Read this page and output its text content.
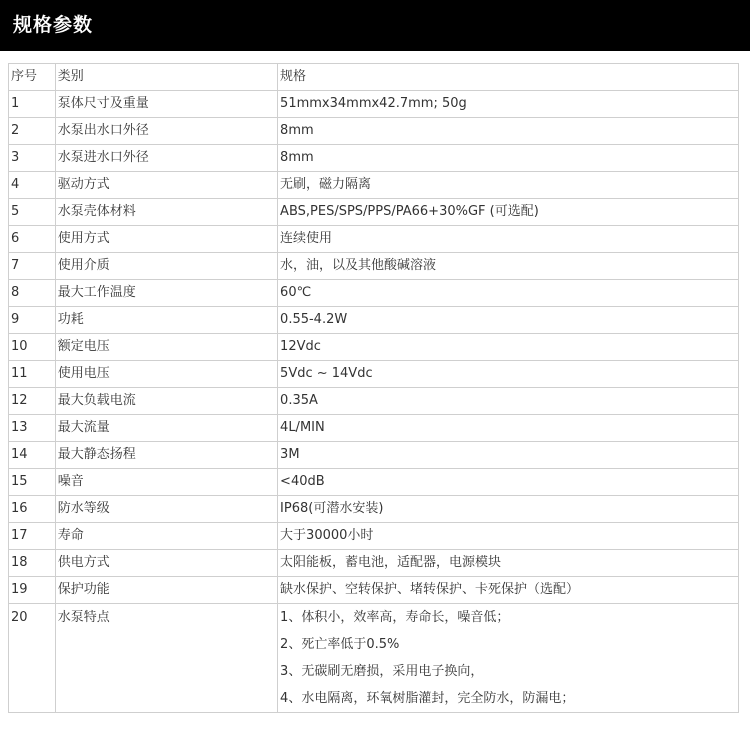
规格参数
序号	类别	规格
1	泵体尺寸及重量	51mmx34mmx42.7mm; 50g
2	水泵出水口外径	8mm
3	水泵进水口外径	8mm
4	驱动方式	无刷，磁力隔离
5	水泵壳体材料	ABS,PES/SPS/PPS/PA66+30%GF (可选配)
6	使用方式	连续使用
7	使用介质	水，油，以及其他酸碱溶液
8	最大工作温度	60℃
9	功耗	0.55-4.2W
10	额定电压	12Vdc
11	使用电压	5Vdc ~ 14Vdc
12	最大负载电流	0.35A
13	最大流量	4L/MIN
14	最大静态扬程	3M
15	噪音	<40dB
16	防水等级	IP68(可潜水安装)
17	寿命	大于30000小时
18	供电方式	太阳能板，蓄电池，适配器，电源模块
19	保护功能	缺水保护、空转保护、堵转保护、卡死保护（选配）

20	水泵特点	1、体积小，效率高，寿命长，噪音低；
2、死亡率低于0.5%
3、无碳刷无磨损，采用电子换向，
4、水电隔离，环氧树脂灌封，完全防水，防漏电；
